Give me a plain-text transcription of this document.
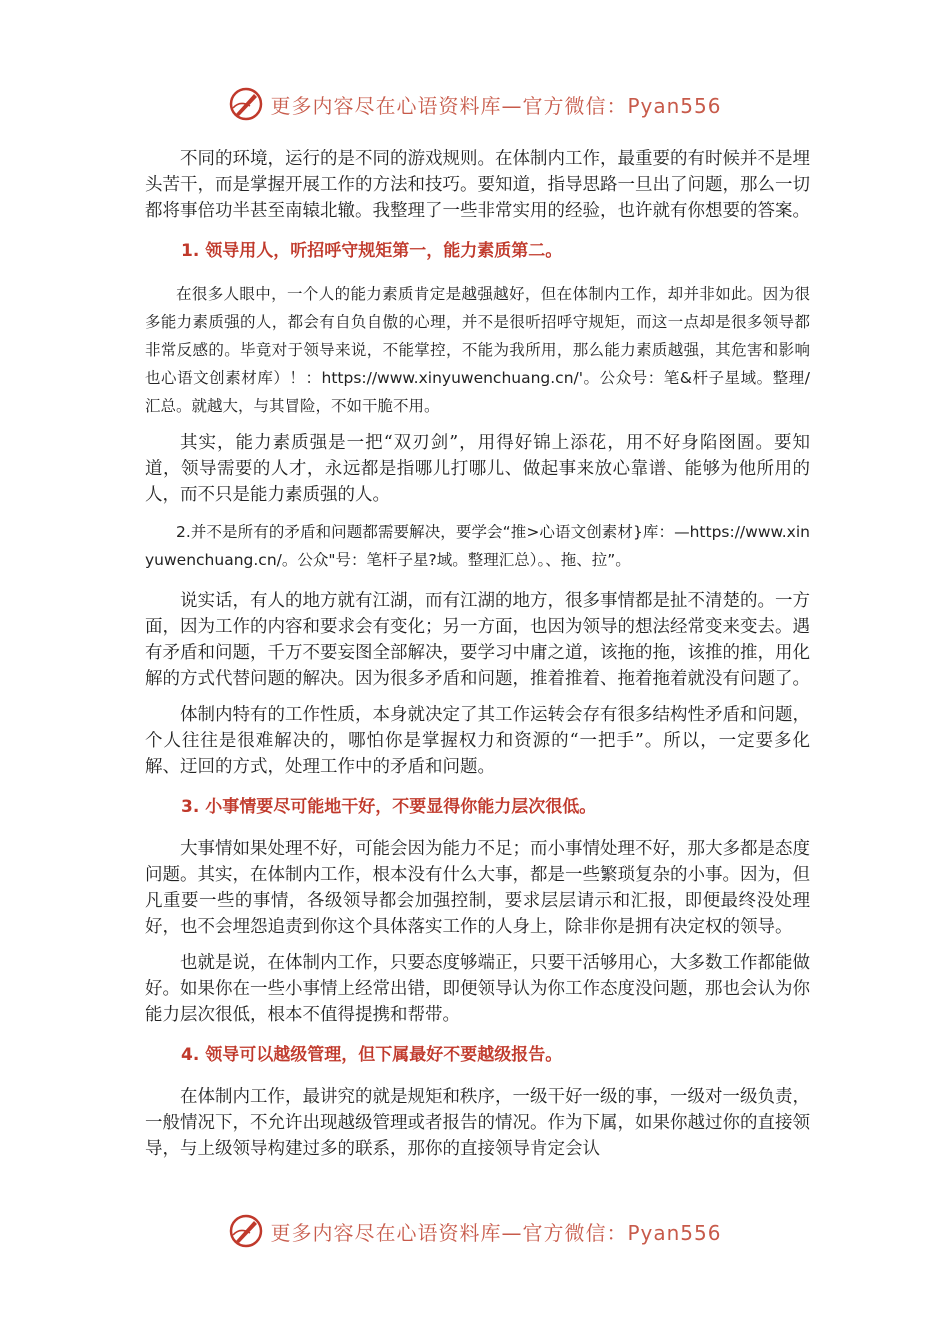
更多内容尽在心语资料库—官方微信：Pyan556

不同的环境，运行的是不同的游戏规则。在体制内工作，最重要的有时候并不是埋头苦干，而是掌握开展工作的方法和技巧。要知道，指导思路一旦出了问题，那么一切都将事倍功半甚至南辕北辙。我整理了一些非常实用的经验，也许就有你想要的答案。

1. 领导用人，听招呼守规矩第一，能力素质第二。

在很多人眼中，一个人的能力素质肯定是越强越好，但在体制内工作，却并非如此。因为很多能力素质强的人，都会有自负自傲的心理，并不是很听招呼守规矩，而这一点却是很多领导都非常反感的。毕竟对于领导来说，不能掌控，不能为我所用，那么能力素质越强，其危害和影响也心语文创素材库）！：https://www.xinyuwenchuang.cn/'。公众号：笔&杆子星域。整理/汇总。就越大，与其冒险，不如干脆不用。

其实，能力素质强是一把“双刃剑”，用得好锦上添花，用不好身陷囹圄。要知道，领导需要的人才，永远都是指哪儿打哪儿、做起事来放心靠谱、能够为他所用的人，而不只是能力素质强的人。

2.并不是所有的矛盾和问题都需要解决，要学会“推>心语文创素材}库：—https://www.xinyuwenchuang.cn/。公众"号：笔杆子星?域。整理汇总）。、拖、拉”。

说实话，有人的地方就有江湖，而有江湖的地方，很多事情都是扯不清楚的。一方面，因为工作的内容和要求会有变化；另一方面，也因为领导的想法经常变来变去。遇有矛盾和问题，千万不要妄图全部解决，要学习中庸之道，该拖的拖，该推的推，用化解的方式代替问题的解决。因为很多矛盾和问题，推着推着、拖着拖着就没有问题了。

体制内特有的工作性质，本身就决定了其工作运转会存有很多结构性矛盾和问题，个人往往是很难解决的，哪怕你是掌握权力和资源的“一把手”。所以，一定要多化解、迂回的方式，处理工作中的矛盾和问题。

3. 小事情要尽可能地干好，不要显得你能力层次很低。

大事情如果处理不好，可能会因为能力不足；而小事情处理不好，那大多都是态度问题。其实，在体制内工作，根本没有什么大事，都是一些繁琐复杂的小事。因为，但凡重要一些的事情，各级领导都会加强控制，要求层层请示和汇报，即便最终没处理好，也不会埋怨追责到你这个具体落实工作的人身上，除非你是拥有决定权的领导。

也就是说，在体制内工作，只要态度够端正，只要干活够用心，大多数工作都能做好。如果你在一些小事情上经常出错，即便领导认为你工作态度没问题，那也会认为你能力层次很低，根本不值得提携和帮带。

4. 领导可以越级管理，但下属最好不要越级报告。

在体制内工作，最讲究的就是规矩和秩序，一级干好一级的事，一级对一级负责，一般情况下，不允许出现越级管理或者报告的情况。作为下属，如果你越过你的直接领导，与上级领导构建过多的联系，那你的直接领导肯定会认

更多内容尽在心语资料库—官方微信：Pyan556
